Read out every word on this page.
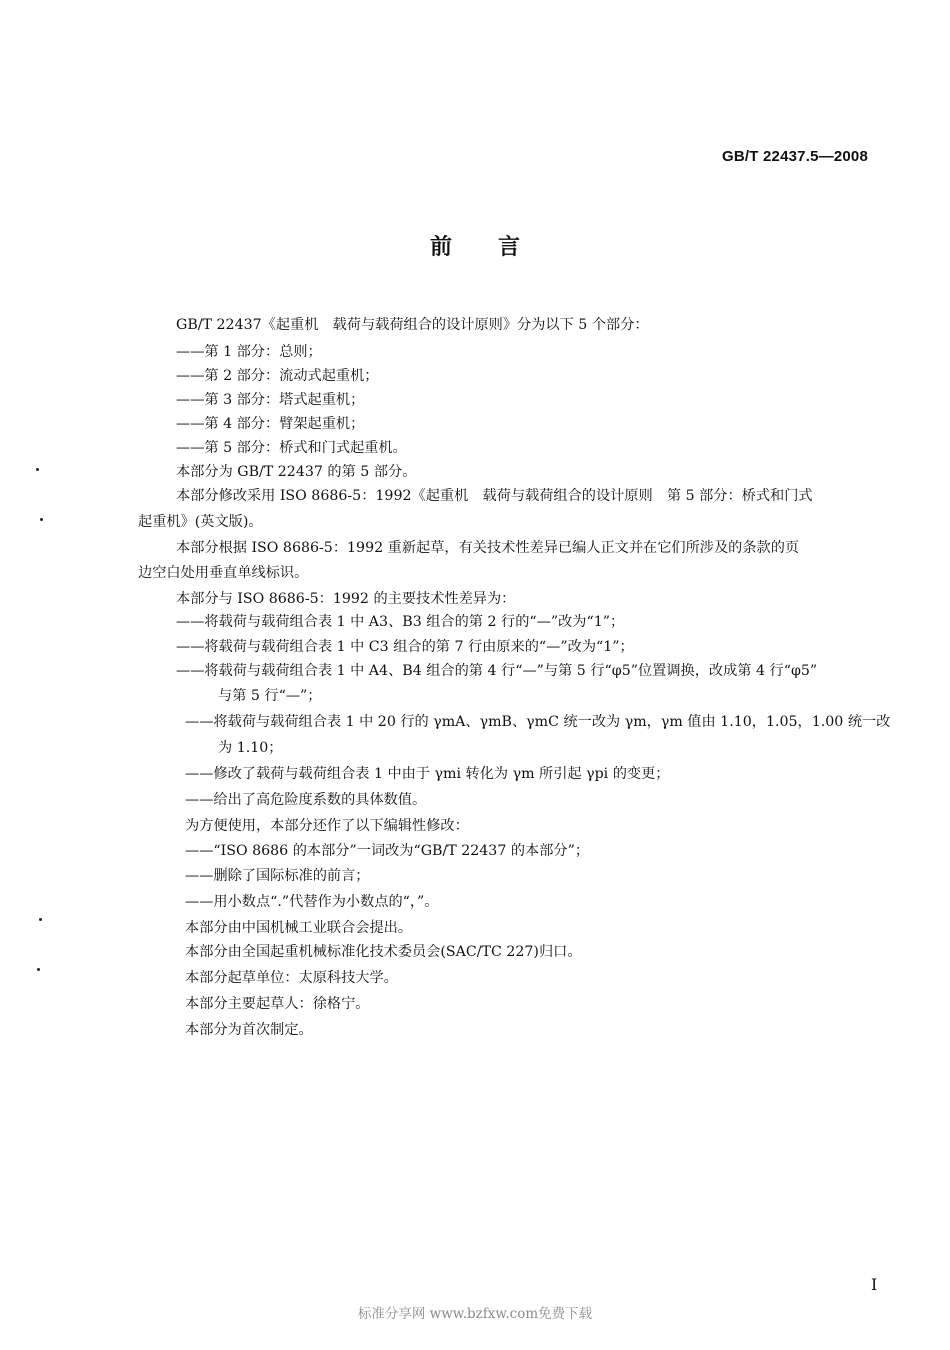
GB/T 22437.5—2008
前言
GB/T 22437《起重机　载荷与载荷组合的设计原则》分为以下 5 个部分：
——第 1 部分：总则；
——第 2 部分：流动式起重机；
——第 3 部分：塔式起重机；
——第 4 部分：臂架起重机；
——第 5 部分：桥式和门式起重机。
本部分为 GB/T 22437 的第 5 部分。
本部分修改采用 ISO 8686-5：1992《起重机　载荷与载荷组合的设计原则　第 5 部分：桥式和门式
起重机》(英文版)。
本部分根据 ISO 8686-5：1992 重新起草，有关技术性差异已编人正文并在它们所涉及的条款的页
边空白处用垂直单线标识。
本部分与 ISO 8686-5：1992 的主要技术性差异为：
——将载荷与载荷组合表 1 中 A3、B3 组合的第 2 行的“—”改为“1”；
——将载荷与载荷组合表 1 中 C3 组合的第 7 行由原来的“—”改为“1”；
——将载荷与载荷组合表 1 中 A4、B4 组合的第 4 行“—”与第 5 行“φ5”位置调换，改成第 4 行“φ5”
与第 5 行“—”；
——将载荷与载荷组合表 1 中 20 行的 γmA、γmB、γmC 统一改为 γm，γm 值由 1.10，1.05，1.00 统一改
为 1.10；
——修改了载荷与载荷组合表 1 中由于 γmi 转化为 γm 所引起 γpi 的变更；
——给出了高危险度系数的具体数值。
为方便使用，本部分还作了以下编辑性修改：
——“ISO 8686 的本部分”一词改为“GB/T 22437 的本部分”；
——删除了国际标准的前言；
——用小数点“.”代替作为小数点的“，”。
本部分由中国机械工业联合会提出。
本部分由全国起重机械标准化技术委员会(SAC/TC 227)归口。
本部分起草单位：太原科技大学。
本部分主要起草人：徐格宁。
本部分为首次制定。
I
标准分享网 www.bzfxw.com免费下载
